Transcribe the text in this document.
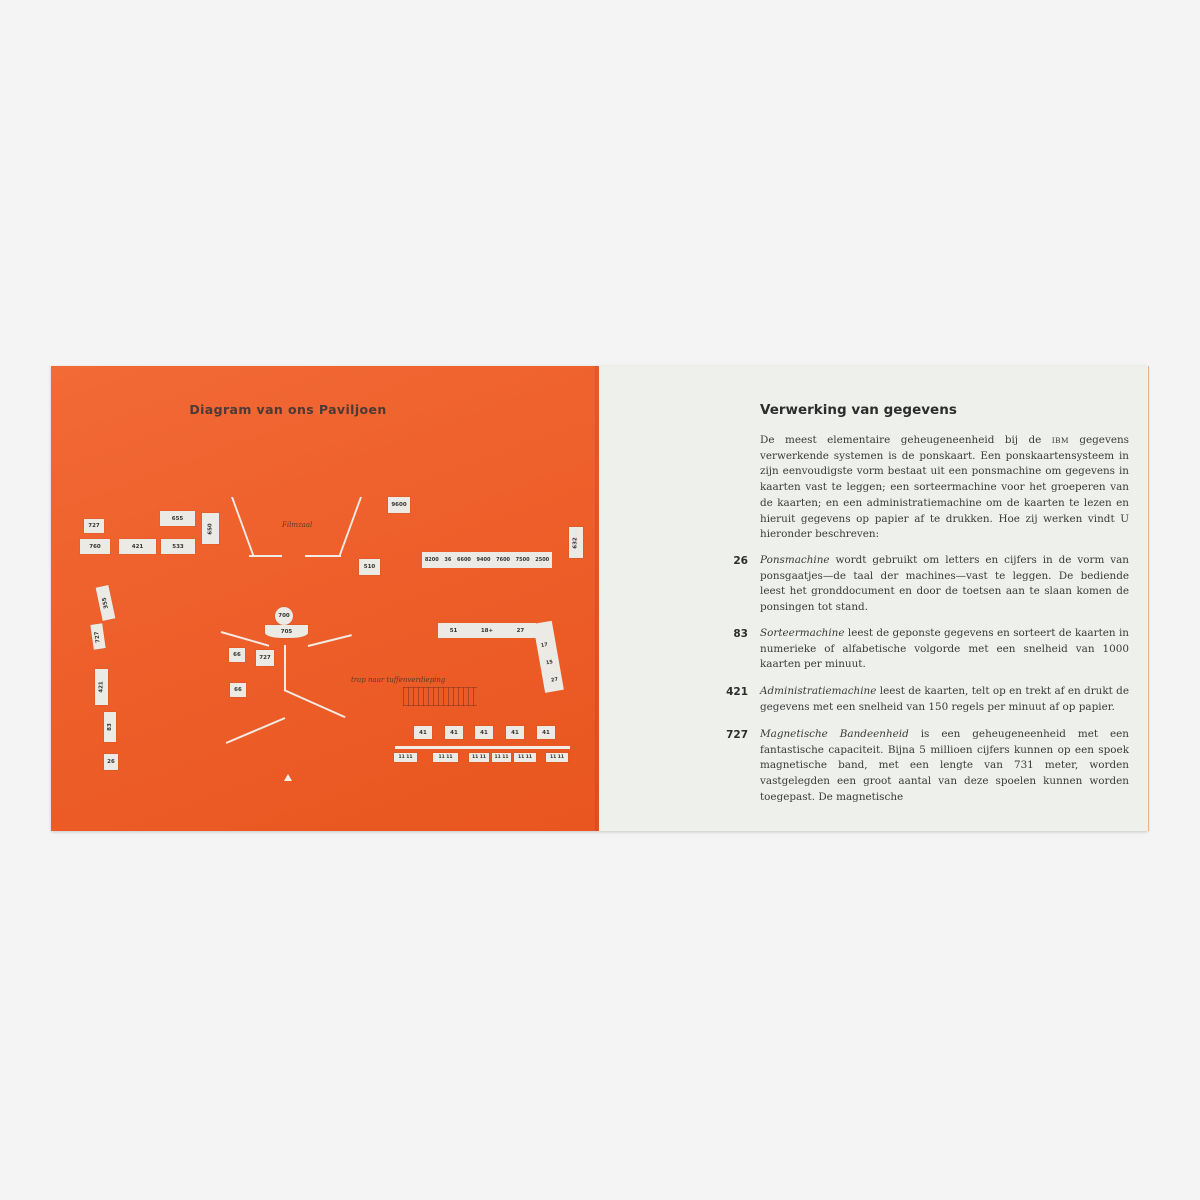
Diagram van ons Paviljoen
727
655
650
760	421	533
Filmzaal
9600
632
510
8200 36 6600 9400 7600 7500 2500
355
727
421
83
26
700
705
66	727
66
trap naar tuffenverdieping
51	18+	27
17
15
27
41	41	41	41	41
11 11	11 11	11 11 11 11 11 11	11 11
Verwerking van gegevens

De meest elementaire geheugeneenheid bij de IBM gegevens verwerkende systemen is de ponskaart. Een ponskaartensysteem in zijn eenvoudigste vorm bestaat uit een ponsmachine om gegevens in kaarten vast te leggen; een sorteermachine voor het groeperen van de kaarten; en een administratiemachine om de kaarten te lezen en hieruit gegevens op papier af te drukken. Hoe zij werken vindt U hieronder beschreven:

26 Ponsmachine wordt gebruikt om letters en cijfers in de vorm van ponsgaatjes—de taal der machines—vast te leggen. De bediende leest het gronddocument en door de toetsen aan te slaan komen de ponsingen tot stand.

83 Sorteermachine leest de geponste gegevens en sorteert de kaarten in numerieke of alfabetische volgorde met een snelheid van 1000 kaarten per minuut.

421 Administratiemachine leest de kaarten, telt op en trekt af en drukt de gegevens met een snelheid van 150 regels per minuut af op papier.

727 Magnetische Bandeenheid is een geheugeneenheid met een fantastische capaciteit. Bijna 5 millioen cijfers kunnen op een spoek magnetische band, met een lengte van 731 meter, worden vastgelegden een groot aantal van deze spoelen kunnen worden toegepast. De magnetische
